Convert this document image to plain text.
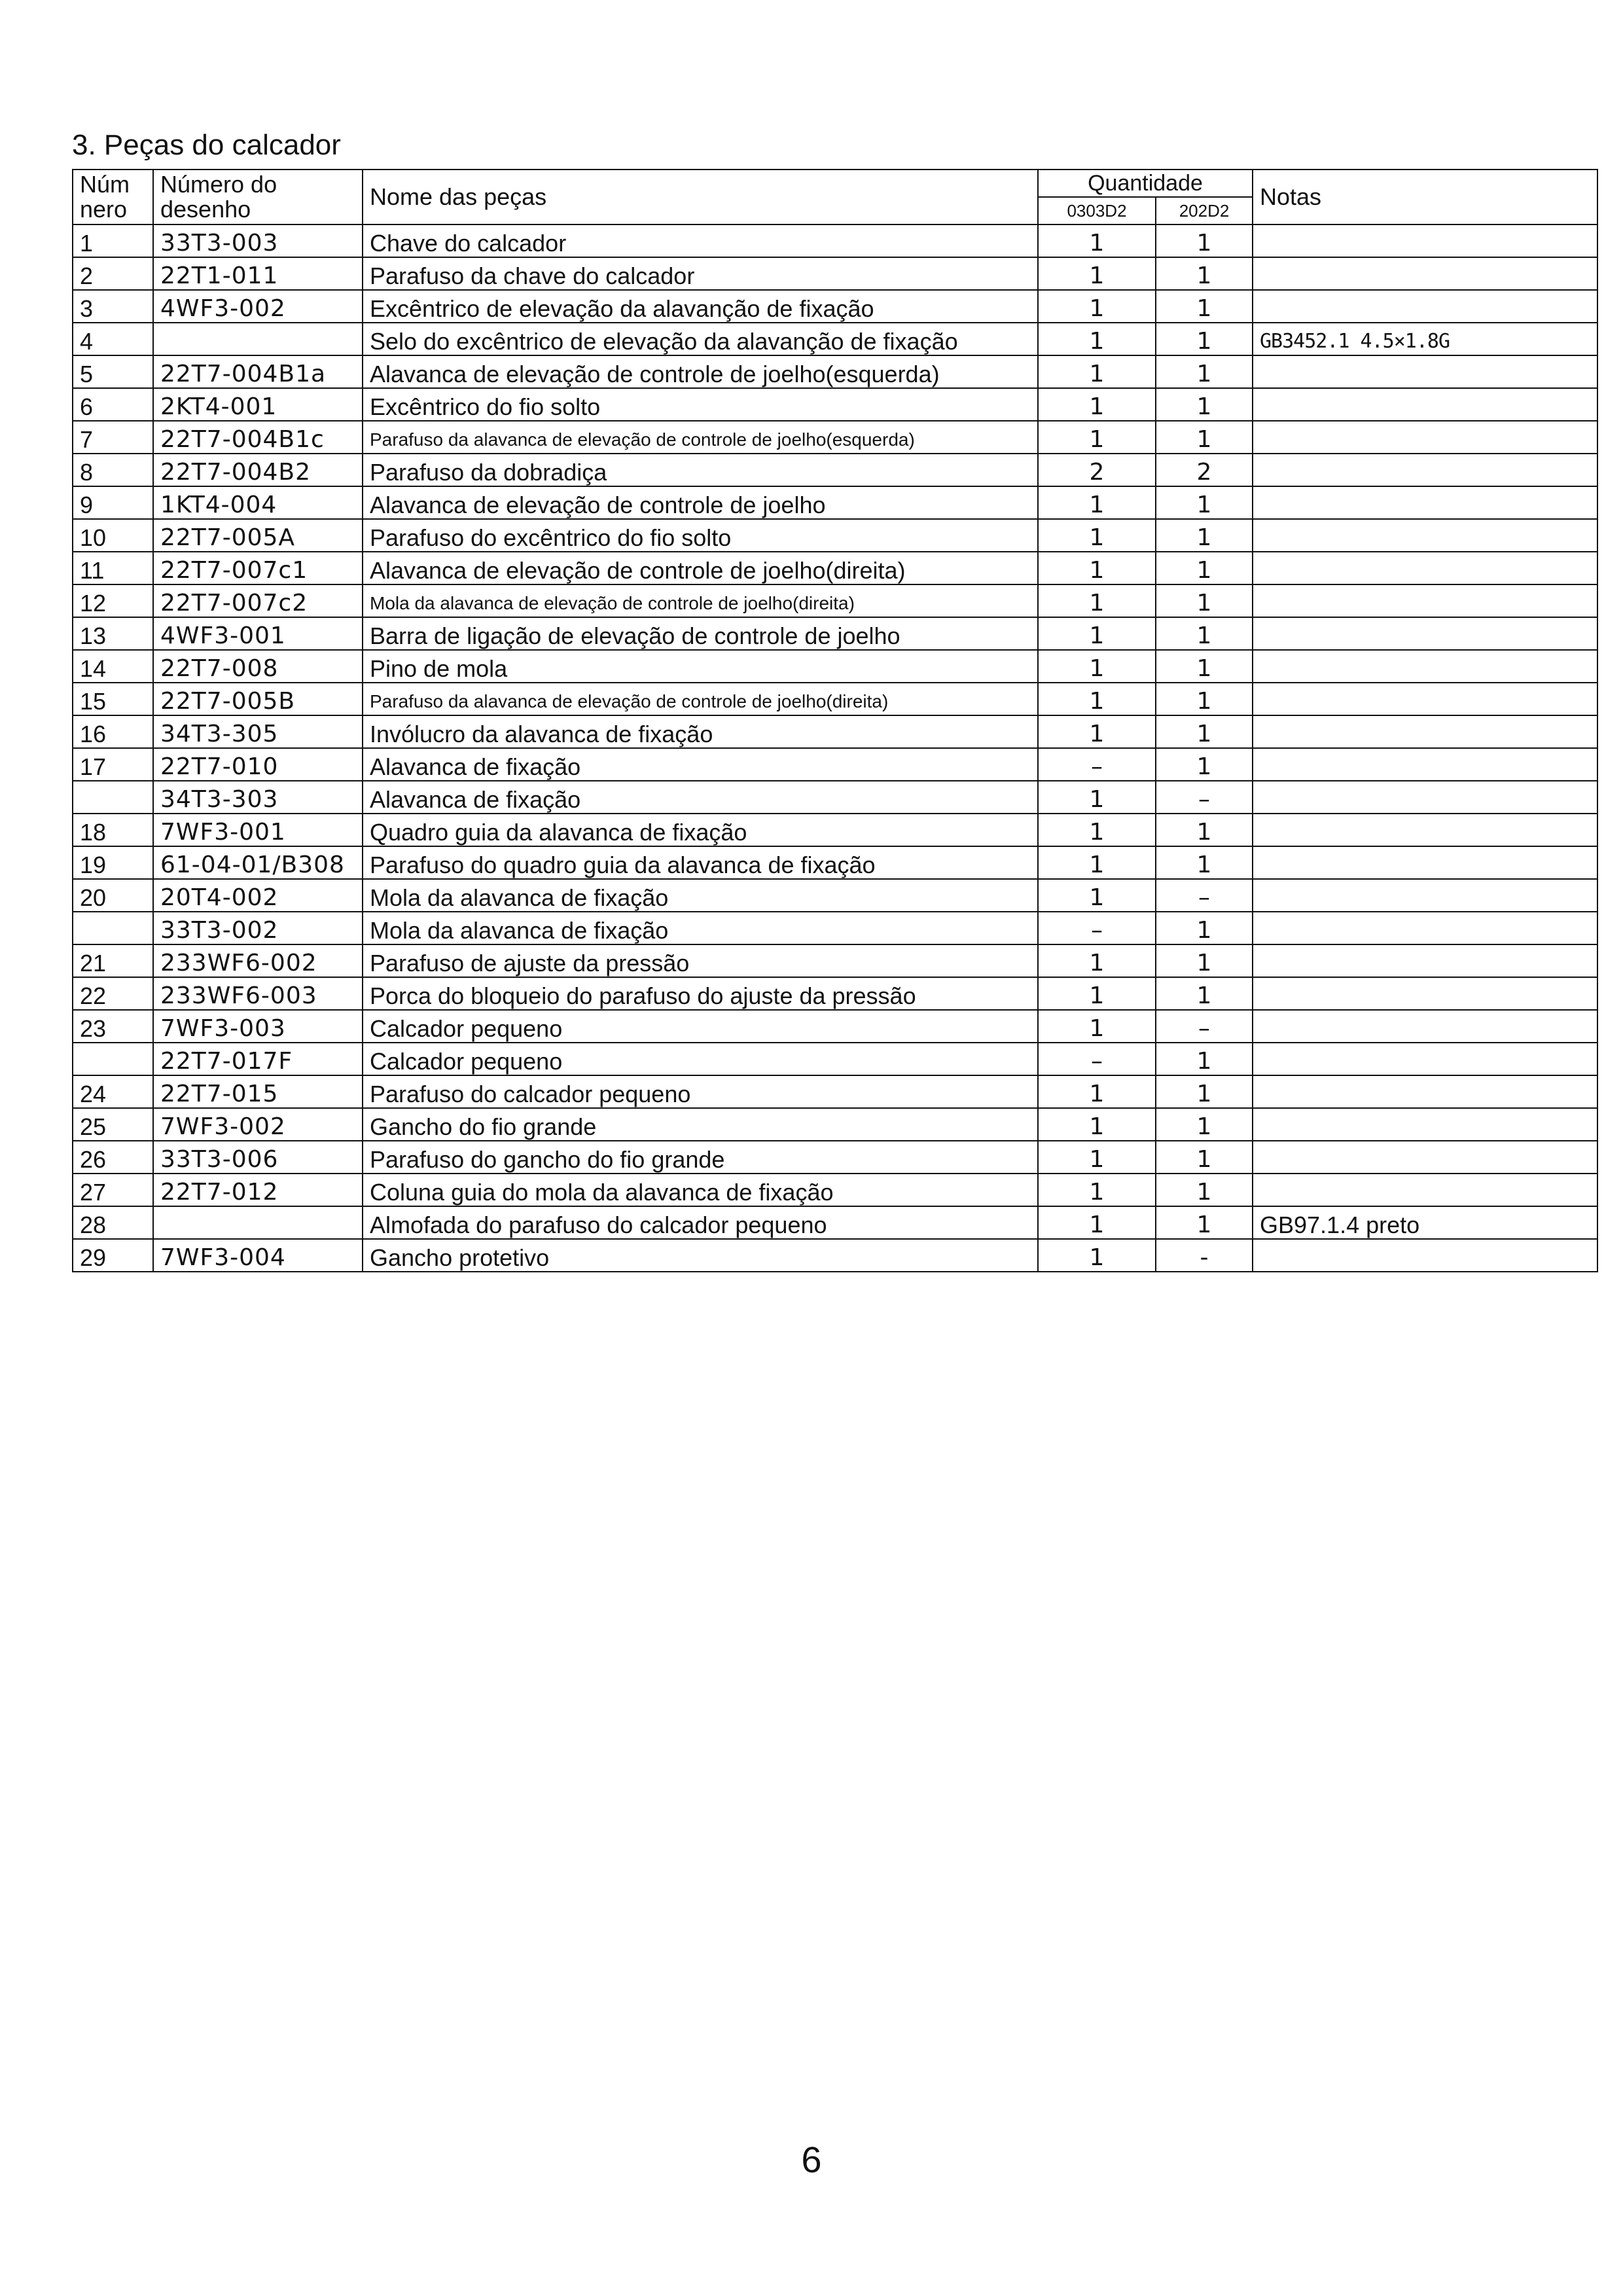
3. Peças do calcador
Núm nero	Número do desenho	Nome das peças	Quantidade		Notas
			0303D2	202D2	
1	33T3-003	Chave do calcador	1	1	
2	22T1-011	Parafuso da chave do calcador	1	1	
3	4WF3-002	Excêntrico de elevação da alavanção de fixação	1	1	
4		Selo do excêntrico de elevação da alavanção de fixação	1	1	GB3452.1 4.5×1.8G
5	22T7-004B1a	Alavanca de elevação de controle de joelho(esquerda)	1	1	
6	2KT4-001	Excêntrico do fio solto	1	1	
7	22T7-004B1c	Parafuso da alavanca de elevação de controle de joelho(esquerda)	1	1	
8	22T7-004B2	Parafuso da dobradiça	2	2	
9	1KT4-004	Alavanca de elevação de controle de joelho	1	1	
10	22T7-005A	Parafuso do excêntrico do fio solto	1	1	
11	22T7-007c1	Alavanca de elevação de controle de joelho(direita)	1	1	
12	22T7-007c2	Mola da alavanca de elevação de controle de joelho(direita)	1	1	
13	4WF3-001	Barra de ligação de elevação de controle de joelho	1	1	
14	22T7-008	Pino de mola	1	1	
15	22T7-005B	Parafuso da alavanca de elevação de controle de joelho(direita)	1	1	
16	34T3-305	Invólucro da alavanca de fixação	1	1	
17	22T7-010	Alavanca de fixação	–	1	
	34T3-303	Alavanca de fixação	1	–	
18	7WF3-001	Quadro guia da alavanca de fixação	1	1	
19	61-04-01/B308	Parafuso do quadro guia da alavanca de fixação	1	1	
20	20T4-002	Mola da alavanca de fixação	1	–	
	33T3-002	Mola da alavanca de fixação	–	1	
21	233WF6-002	Parafuso de ajuste da pressão	1	1	
22	233WF6-003	Porca do bloqueio do parafuso do ajuste da pressão	1	1	
23	7WF3-003	Calcador pequeno	1	–	
	22T7-017F	Calcador pequeno	–	1	
24	22T7-015	Parafuso do calcador pequeno	1	1	
25	7WF3-002	Gancho do fio grande	1	1	
26	33T3-006	Parafuso do gancho do fio grande	1	1	
27	22T7-012	Coluna guia do mola da alavanca de fixação	1	1	
28		Almofada do parafuso do calcador pequeno	1	1	GB97.1.4 preto
29	7WF3-004	Gancho protetivo	1	-	
6
